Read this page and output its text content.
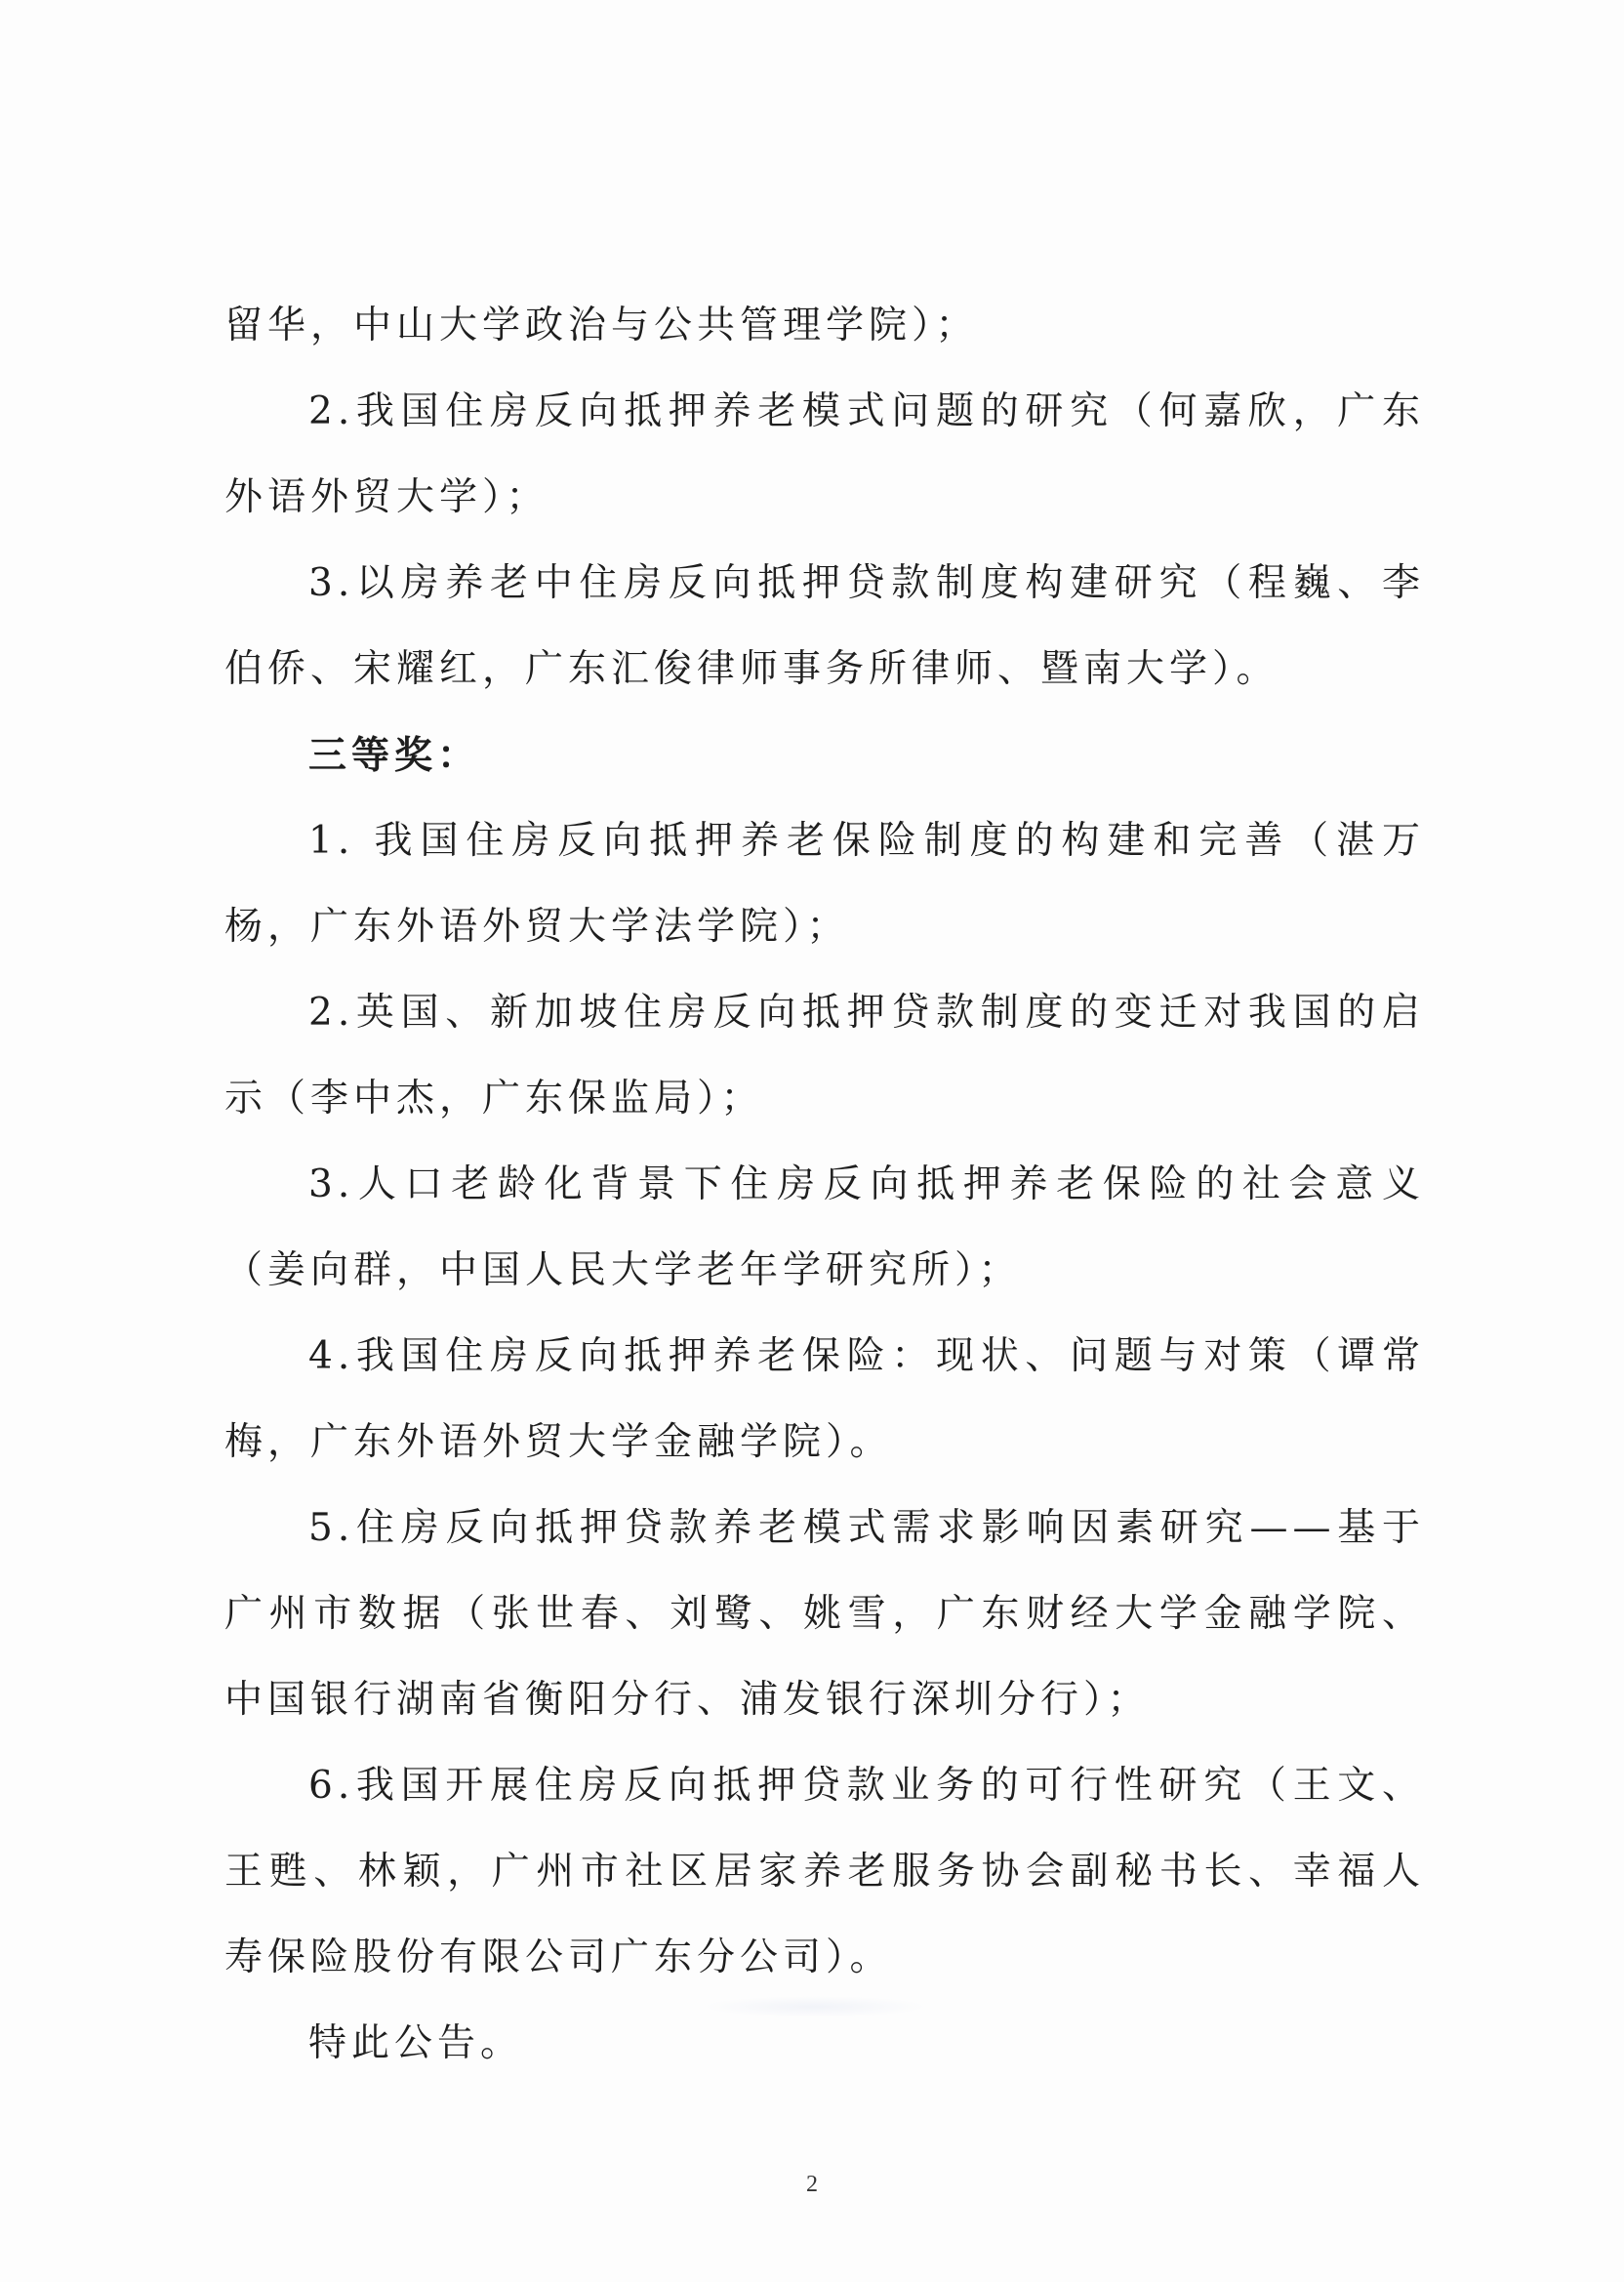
留华，中山大学政治与公共管理学院）；

2.我国住房反向抵押养老模式问题的研究（何嘉欣，广东外语外贸大学）；

3.以房养老中住房反向抵押贷款制度构建研究（程巍、李伯侨、宋耀红，广东汇俊律师事务所律师、暨南大学）。

三等奖：

1. 我国住房反向抵押养老保险制度的构建和完善（湛万杨，广东外语外贸大学法学院）；

2.英国、新加坡住房反向抵押贷款制度的变迁对我国的启示（李中杰，广东保监局）；

3.人口老龄化背景下住房反向抵押养老保险的社会意义（姜向群，中国人民大学老年学研究所）；

4.我国住房反向抵押养老保险：现状、问题与对策（谭常梅，广东外语外贸大学金融学院）。

5.住房反向抵押贷款养老模式需求影响因素研究——基于广州市数据（张世春、刘鹭、姚雪，广东财经大学金融学院、中国银行湖南省衡阳分行、浦发银行深圳分行）；

6.我国开展住房反向抵押贷款业务的可行性研究（王文、王甦、林颖，广州市社区居家养老服务协会副秘书长、幸福人寿保险股份有限公司广东分公司）。

特此公告。

2
